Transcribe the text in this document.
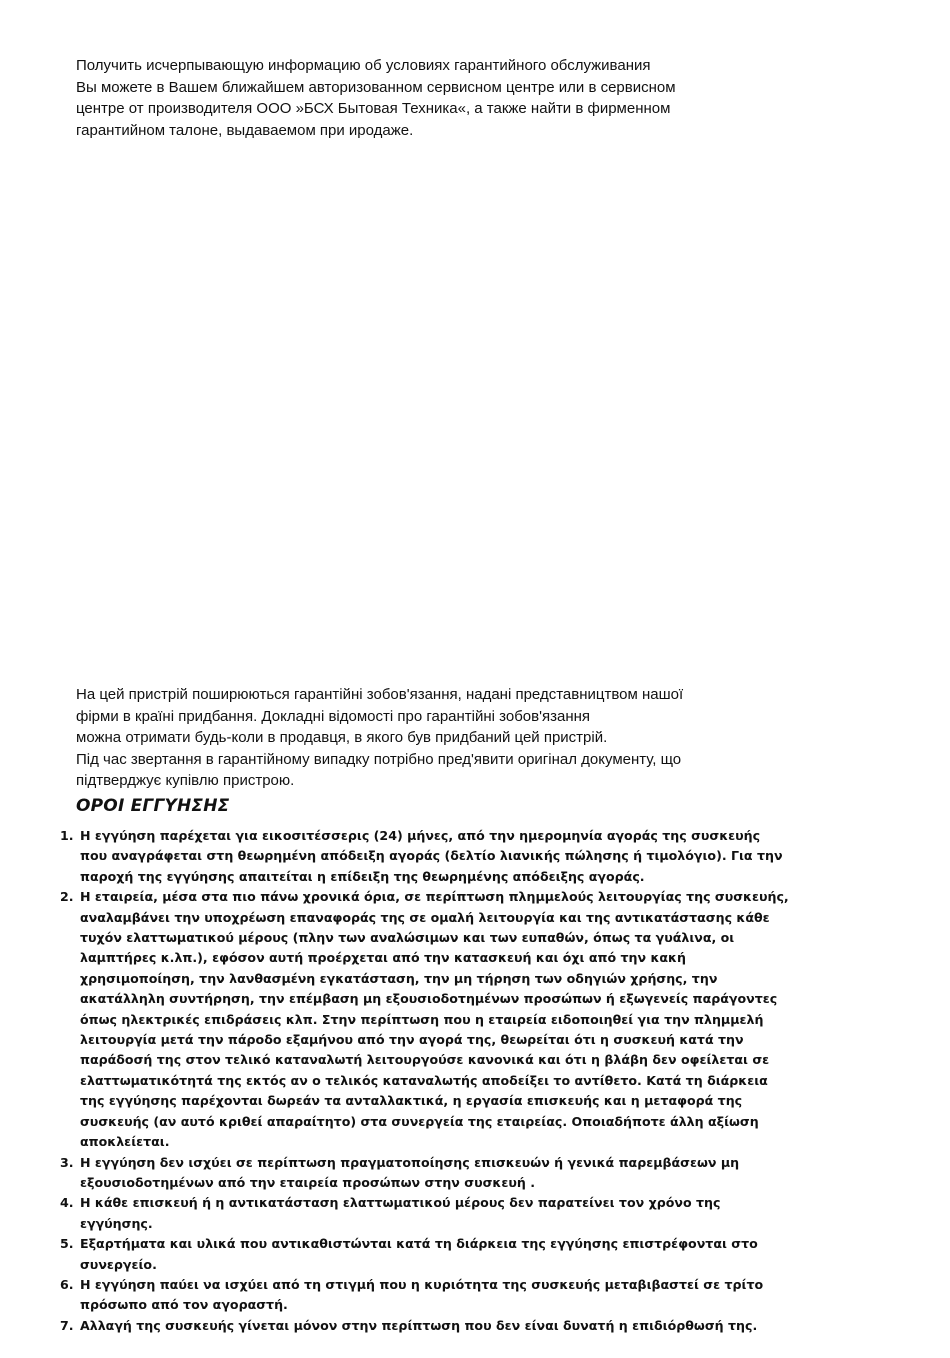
Получить исчерпывающую информацию об условиях гарантийного обслуживания
Вы можете в Вашем ближайшем авторизованном сервисном центре или в сервисном
центре от производителя ООО »БСХ Бытовая Техника«, а также найти в фирменном
гарантийном талоне, выдаваемом при иродаже.
На цей пристрій поширюються гарантійні зобов'язання, надані представництвом нашої
фірми в країні придбання. Докладні відомості про гарантійні зобов'язання
можна отримати будь-коли в продавця, в якого був придбаний цей пристрій.
Під час звертання в гарантійному випадку потрібно пред'явити оригінал документу, що
підтверджує купівлю пристрою.
ΟΡΟΙ ΕΓΓΥΗΣΗΣ
1. Η εγγύηση παρέχεται για εικοσιτέσσερις (24) μήνες, από την ημερομηνία αγοράς της συσκευής που αναγράφεται στη θεωρημένη απόδειξη αγοράς (δελτίο λιανικής πώλησης ή τιμολόγιο). Για την παροχή της εγγύησης απαιτείται η επίδειξη της θεωρημένης απόδειξης αγοράς.
2. Η εταιρεία, μέσα στα πιο πάνω χρονικά όρια, σε περίπτωση πλημμελούς λειτουργίας της συσκευής, αναλαμβάνει την υποχρέωση επαναφοράς της σε ομαλή λειτουργία και της αντικατάστασης κάθε τυχόν ελαττωματικού μέρους (πλην των αναλώσιμων και των ευπαθών, όπως τα γυάλινα, οι λαμπτήρες κ.λπ.), εφόσον αυτή προέρχεται από την κατασκευή και όχι από την κακή χρησιμοποίηση, την λανθασμένη εγκατάσταση, την μη τήρηση των οδηγιών χρήσης, την ακατάλληλη συντήρηση, την επέμβαση μη εξουσιοδοτημένων προσώπων ή εξωγενείς παράγοντες όπως ηλεκτρικές επιδράσεις κλπ. Στην περίπτωση που η εταιρεία ειδοποιηθεί για την πλημμελή λειτουργία μετά την πάροδο εξαμήνου από την αγορά της, θεωρείται ότι η συσκευή κατά την παράδοσή της στον τελικό καταναλωτή λειτουργούσε κανονικά και ότι η βλάβη δεν οφείλεται σε ελαττωματικότητά της εκτός αν ο τελικός καταναλωτής αποδείξει το αντίθετο. Κατά τη διάρκεια της εγγύησης παρέχονται δωρεάν τα ανταλλακτικά, η εργασία επισκευής και η μεταφορά της συσκευής (αν αυτό κριθεί απαραίτητο) στα συνεργεία της εταιρείας. Οποιαδήποτε άλλη αξίωση αποκλείεται.
3. Η εγγύηση δεν ισχύει σε περίπτωση πραγματοποίησης επισκευών ή γενικά παρεμβάσεων μη εξουσιοδοτημένων από την εταιρεία προσώπων στην συσκευή .
4. Η κάθε επισκευή ή η αντικατάσταση ελαττωματικού μέρους δεν παρατείνει τον χρόνο της εγγύησης.
5. Εξαρτήματα και υλικά που αντικαθιστώνται κατά τη διάρκεια της εγγύησης επιστρέφονται στο συνεργείο.
6. Η εγγύηση παύει να ισχύει από τη στιγμή που η κυριότητα της συσκευής μεταβιβαστεί σε τρίτο πρόσωπο από τον αγοραστή.
7. Αλλαγή της συσκευής γίνεται μόνον στην περίπτωση που δεν είναι δυνατή η επιδιόρθωσή της.
